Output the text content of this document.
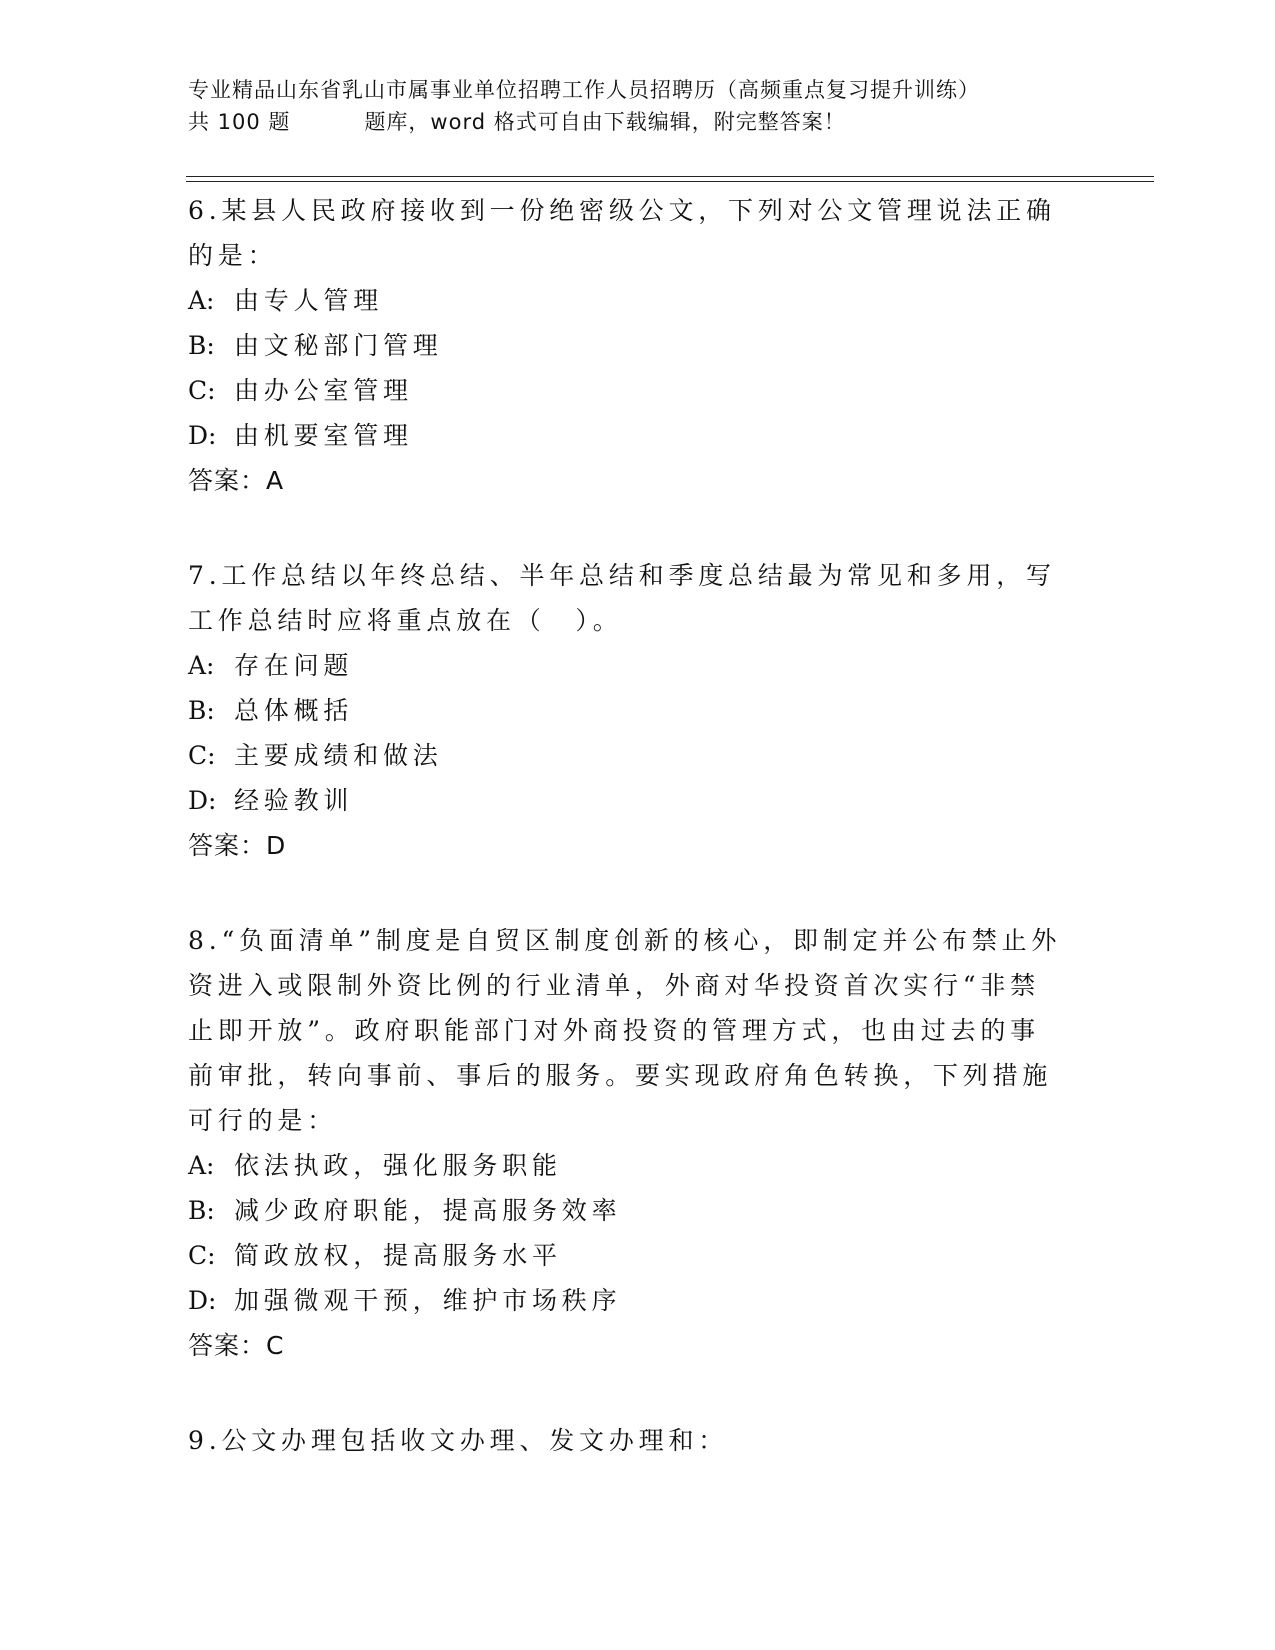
专业精品山东省乳山市属事业单位招聘工作人员招聘历（高频重点复习提升训练）
共 100 题	题库，word 格式可自由下载编辑，附完整答案！

6.某县人民政府接收到一份绝密级公文，下列对公文管理说法正确的是：

A: 由专人管理
B: 由文秘部门管理
C: 由办公室管理
D: 由机要室管理
答案：A

7.工作总结以年终总结、半年总结和季度总结最为常见和多用，写工作总结时应将重点放在（　）。

A: 存在问题
B: 总体概括
C: 主要成绩和做法
D: 经验教训
答案：D

8.“负面清单”制度是自贸区制度创新的核心，即制定并公布禁止外资进入或限制外资比例的行业清单，外商对华投资首次实行“非禁止即开放”。政府职能部门对外商投资的管理方式，也由过去的事前审批，转向事前、事后的服务。要实现政府角色转换，下列措施可行的是：

A: 依法执政，强化服务职能
B: 减少政府职能，提高服务效率
C: 简政放权，提高服务水平
D: 加强微观干预，维护市场秩序
答案：C

9.公文办理包括收文办理、发文办理和：
